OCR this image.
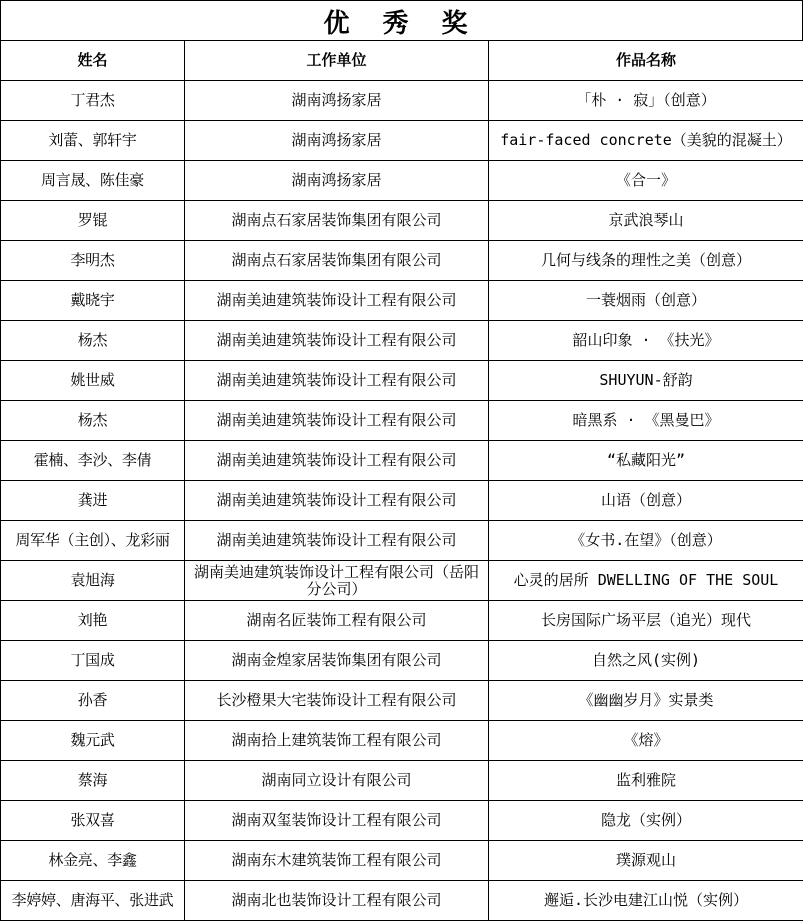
优 秀 奖
姓名	工作单位	作品名称
丁君杰	湖南鸿扬家居	「朴 · 寂」（创意）
刘蕾、郭轩宇	湖南鸿扬家居	fair-faced concrete（美貌的混凝土）
周言晟、陈佳豪	湖南鸿扬家居	《合一》
罗锟	湖南点石家居装饰集团有限公司	京武浪琴山
李明杰	湖南点石家居装饰集团有限公司	几何与线条的理性之美（创意）
戴晓宇	湖南美迪建筑装饰设计工程有限公司	一蓑烟雨（创意）
杨杰	湖南美迪建筑装饰设计工程有限公司	韶山印象 · 《扶光》
姚世威	湖南美迪建筑装饰设计工程有限公司	SHUYUN-舒韵
杨杰	湖南美迪建筑装饰设计工程有限公司	暗黑系 · 《黑曼巴》
霍楠、李沙、李倩	湖南美迪建筑装饰设计工程有限公司	“私藏阳光”
龚进	湖南美迪建筑装饰设计工程有限公司	山语（创意）
周军华（主创）、龙彩丽	湖南美迪建筑装饰设计工程有限公司	《女书.在望》（创意）
袁旭海	湖南美迪建筑装饰设计工程有限公司（岳阳分公司）	心灵的居所 DWELLING OF THE SOUL
刘艳	湖南名匠装饰工程有限公司	长房国际广场平层（追光）现代
丁国成	湖南金煌家居装饰集团有限公司	自然之风(实例)
孙香	长沙橙果大宅装饰设计工程有限公司	《幽幽岁月》实景类
魏元武	湖南拾上建筑装饰工程有限公司	《熔》
蔡海	湖南同立设计有限公司	监利雅院
张双喜	湖南双玺装饰设计工程有限公司	隐龙（实例）
林金亮、李鑫	湖南东木建筑装饰工程有限公司	璞源观山
李婷婷、唐海平、张进武	湖南北也装饰设计工程有限公司	邂逅.长沙电建江山悦（实例）
